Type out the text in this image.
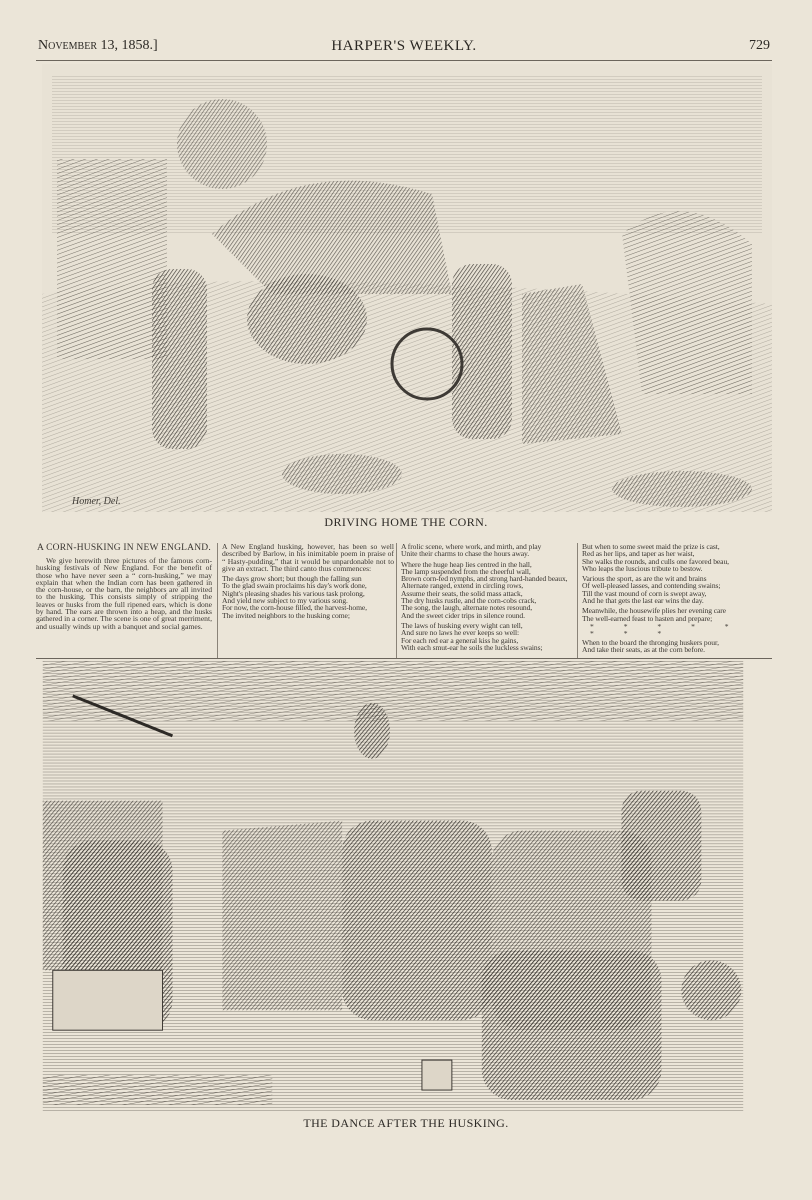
November 13, 1858.]	HARPER'S WEEKLY.	729
Homer, Del.
DRIVING HOME THE CORN.
A CORN-HUSKING IN NEW ENGLAND.

We give herewith three pictures of the famous corn-husking festivals of New England. For the benefit of those who have never seen a “ corn-husking,” we may explain that when the Indian corn has been gathered in the corn-house, or the barn, the neighbors are all invited to the husking. This consists simply of stripping the leaves or husks from the full ripened ears, which is done by hand. The ears are thrown into a heap, and the husks gathered in a corner. The scene is one of great merriment, and usually winds up with a banquet and social games.

A New England husking, however, has been so well described by Barlow, in his inimitable poem in praise of “ Hasty-pudding,” that it would be unpardonable not to give an extract. The third canto thus commences:

The days grow short; but though the falling sun
To the glad swain proclaims his day's work done,
Night's pleasing shades his various task prolong,
And yield new subject to my various song.
For now, the corn-house filled, the harvest-home,
The invited neighbors to the husking come;
A frolic scene, where work, and mirth, and play
Unite their charms to chase the hours away.
Where the huge heap lies centred in the hall,
The lamp suspended from the cheerful wall,
Brown corn-fed nymphs, and strong hard-handed beaux,
Alternate ranged, extend in circling rows,
Assume their seats, the solid mass attack,
The dry husks rustle, and the corn-cobs crack,
The song, the laugh, alternate notes resound,
And the sweet cider trips in silence round.
The laws of husking every wight can tell,
And sure no laws he ever keeps so well:
For each red ear a general kiss he gains,
With each smut-ear he soils the luckless swains;
But when to some sweet maid the prize is cast,
Red as her lips, and taper as her waist,
She walks the rounds, and culls one favored beau,
Who leaps the luscious tribute to bestow.
Various the sport, as are the wit and brains
Of well-pleased lasses, and contending swains;
Till the vast mound of corn is swept away,
And he that gets the last ear wins the day.
Meanwhile, the housewife plies her evening care
The well-earned feast to hasten and prepare;
* * * * * * * *
When to the board the thronging huskers pour,
And take their seats, as at the corn before.
THE DANCE AFTER THE HUSKING.
